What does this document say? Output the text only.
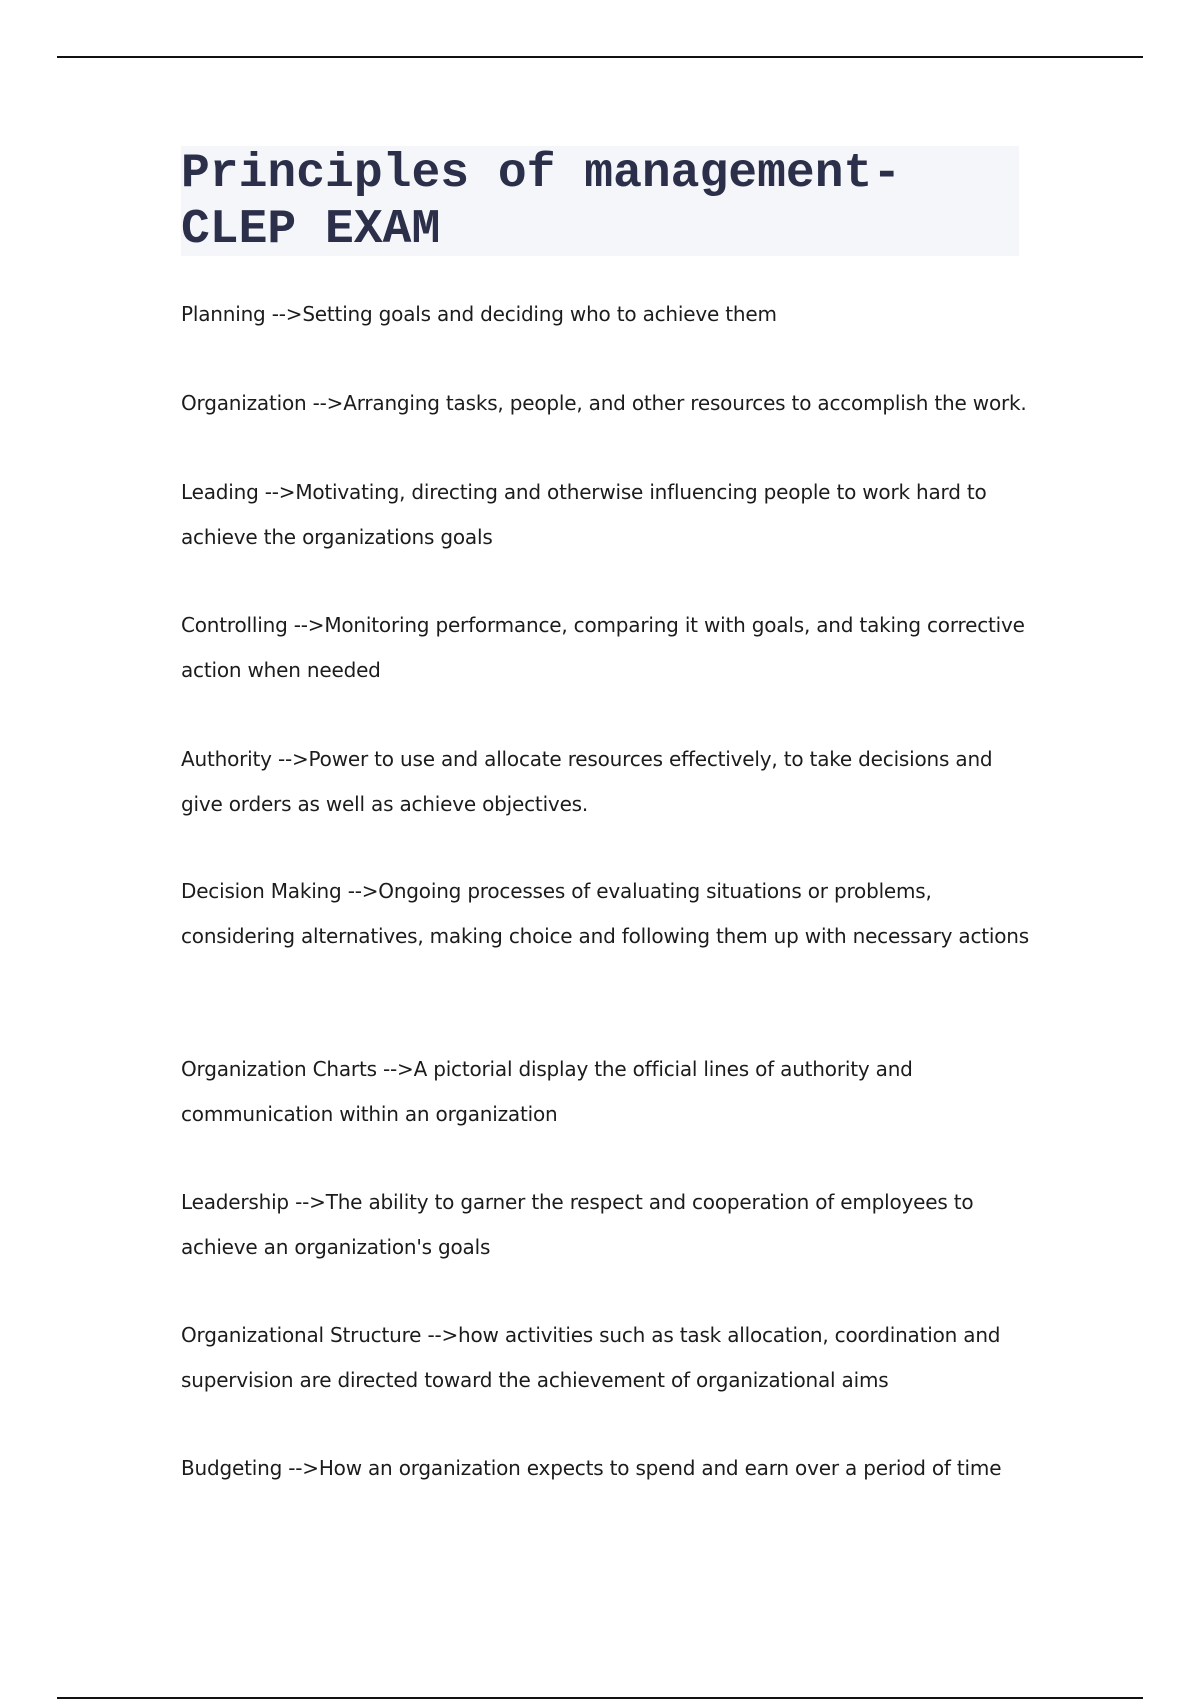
Principles of management-
CLEP EXAM

Planning -->Setting goals and deciding who to achieve them

Organization -->Arranging tasks, people, and other resources to accomplish the work.

Leading -->Motivating, directing and otherwise influencing people to work hard to achieve the organizations goals

Controlling -->Monitoring performance, comparing it with goals, and taking corrective action when needed

Authority -->Power to use and allocate resources effectively, to take decisions and give orders as well as achieve objectives.

Decision Making -->Ongoing processes of evaluating situations or problems, considering alternatives, making choice and following them up with necessary actions

Organization Charts -->A pictorial display the official lines of authority and communication within an organization

Leadership -->The ability to garner the respect and cooperation of employees to achieve an organization's goals

Organizational Structure -->how activities such as task allocation, coordination and supervision are directed toward the achievement of organizational aims

Budgeting -->How an organization expects to spend and earn over a period of time
